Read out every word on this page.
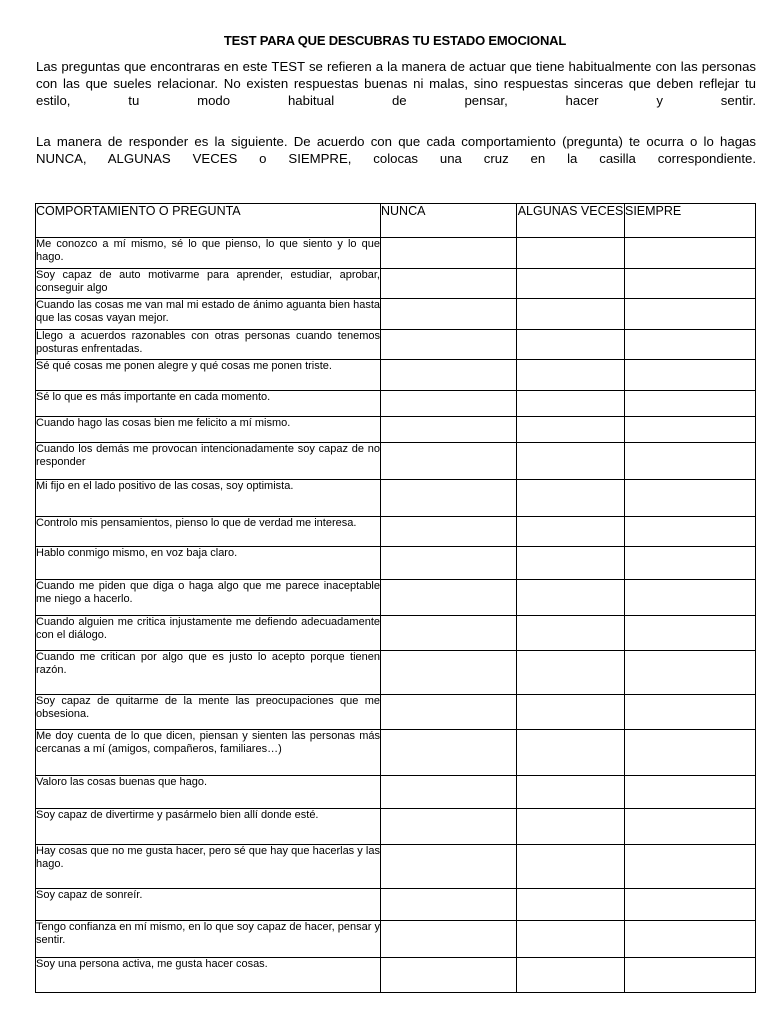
TEST PARA QUE DESCUBRAS TU ESTADO EMOCIONAL
Las preguntas que encontraras en este TEST se refieren a la manera de actuar que tiene habitualmente con las personas con las que sueles relacionar. No existen respuestas buenas ni malas, sino respuestas sinceras que deben reflejar tu estilo, tu modo habitual de pensar, hacer y sentir.
La manera de responder es la siguiente. De acuerdo con que cada comportamiento (pregunta) te ocurra o lo hagas NUNCA, ALGUNAS VECES o SIEMPRE, colocas una cruz en la casilla correspondiente.
COMPORTAMIENTO O PREGUNTA	NUNCA	ALGUNAS VECES	SIEMPRE
Me conozco a mí mismo, sé lo que pienso, lo que siento y lo que hago.			
Soy capaz de auto motivarme para aprender, estudiar, aprobar, conseguir algo			
Cuando las cosas me van mal mi estado de ánimo aguanta bien hasta que las cosas vayan mejor.			
Llego a acuerdos razonables con otras personas cuando tenemos posturas enfrentadas.			
Sé qué cosas me ponen alegre y qué cosas me ponen triste.			
Sé lo que es más importante en cada momento.			
Cuando hago las cosas bien me felicito a mí mismo.			
Cuando los demás me provocan intencionadamente soy capaz de no responder			
Mi fijo en el lado positivo de las cosas, soy optimista.			
Controlo mis pensamientos, pienso lo que de verdad me interesa.			
Hablo conmigo mismo, en voz baja claro.			
Cuando me piden que diga o haga algo que me parece inaceptable me niego a hacerlo.			
Cuando alguien me critica injustamente me defiendo adecuadamente con el diálogo.			
Cuando me critican por algo que es justo lo acepto porque tienen razón.			
Soy capaz de quitarme de la mente las preocupaciones que me obsesiona.			
Me doy cuenta de lo que dicen, piensan y sienten las personas más cercanas a mí (amigos, compañeros, familiares…)			
Valoro las cosas buenas que hago.			
Soy capaz de divertirme y pasármelo bien allí donde esté.			
Hay cosas que no me gusta hacer, pero sé que hay que hacerlas y las hago.			
Soy capaz de sonreír.			
Tengo confianza en mí mismo, en lo que soy capaz de hacer, pensar y sentir.			
Soy una persona activa, me gusta hacer cosas.			
